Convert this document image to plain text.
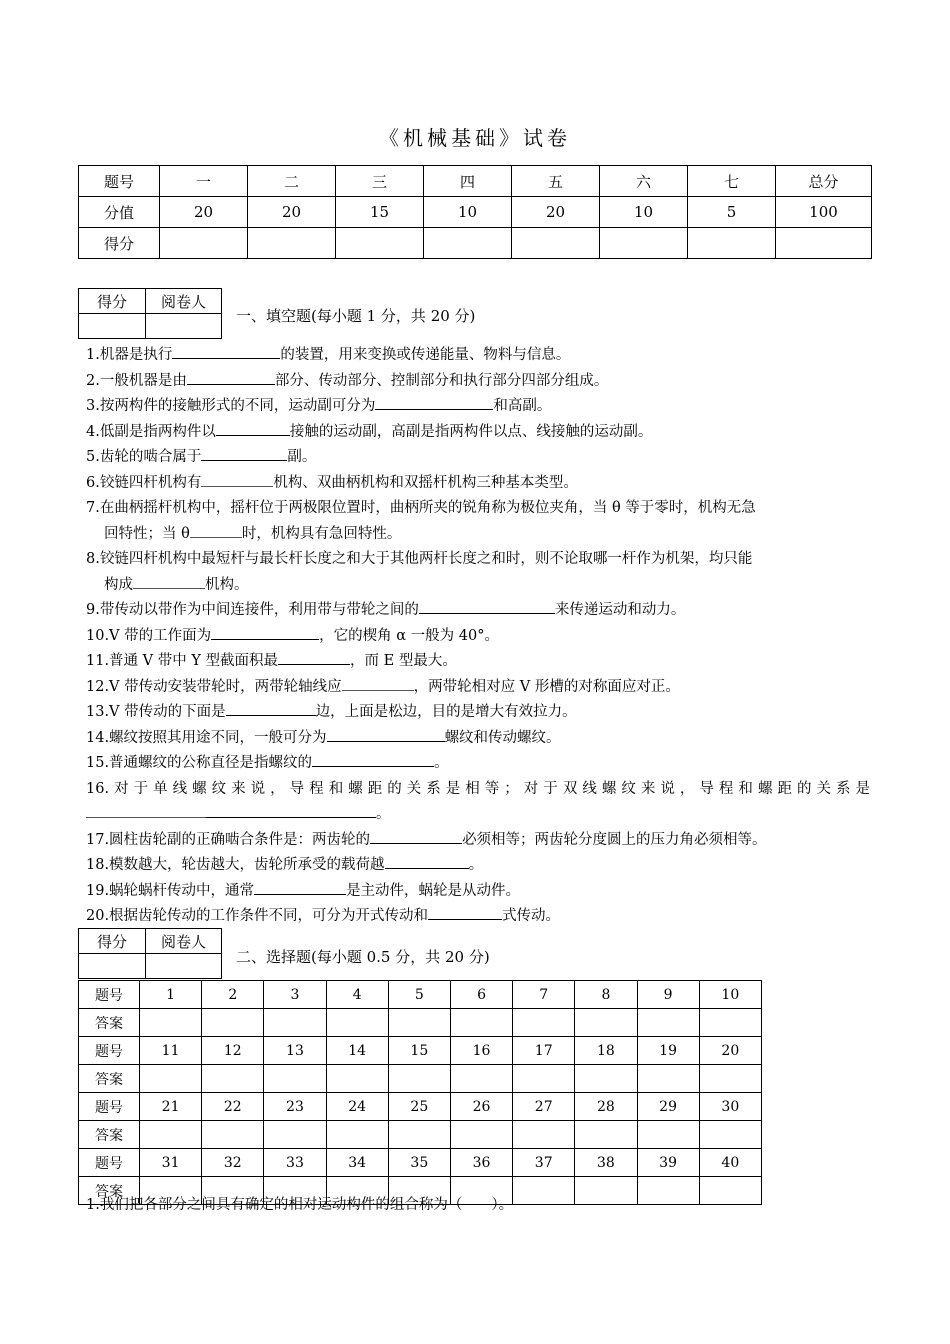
《机械基础》试卷
题号	一	二	三	四	五	六	七	总分
分值	20	20	15	10	20	10	5	100
得分								
得分	阅卷人

一、填空题(每小题 1 分，共 20 分)
1.机器是执行	的装置，用来变换或传递能量、物料与信息。
2.一般机器是由	部分、传动部分、控制部分和执行部分四部分组成。
3.按两构件的接触形式的不同，运动副可分为	和高副。
4.低副是指两构件以	接触的运动副，高副是指两构件以点、线接触的运动副。
5.齿轮的啮合属于	副。
6.铰链四杆机构有	机构、双曲柄机构和双摇杆机构三种基本类型。
7.在曲柄摇杆机构中，摇杆位于两极限位置时，曲柄所夹的锐角称为极位夹角，当 θ 等于零时，机构无急
回特性；当 θ	时，机构具有急回特性。
8.铰链四杆机构中最短杆与最长杆长度之和大于其他两杆长度之和时，则不论取哪一杆作为机架，均只能
构成	机构。
9.带传动以带作为中间连接件，利用带与带轮之间的	来传递运动和动力。
10.V 带的工作面为	，它的楔角 α 一般为 40°。
11.普通 V 带中 Y 型截面积最	，而 E 型最大。
12.V 带传动安装带轮时，两带轮轴线应	，两带轮相对应 V 形槽的对称面应对正。
13.V 带传动的下面是	边，上面是松边，目的是增大有效拉力。
14.螺纹按照其用途不同，一般可分为	螺纹和传动螺纹。
15.普通螺纹的公称直径是指螺纹的	。
16.对于单线螺纹来说，导程和螺距的关系是相等；对于双线螺纹来说，导程和螺距的关系是
。
17.圆柱齿轮副的正确啮合条件是：两齿轮的	必须相等；两齿轮分度圆上的压力角必须相等。
18.模数越大，轮齿越大，齿轮所承受的载荷越	。
19.蜗轮蜗杆传动中，通常	是主动件，蜗轮是从动件。
20.根据齿轮传动的工作条件不同，可分为开式传动和	式传动。
得分	阅卷人

二、选择题(每小题 0.5 分，共 20 分)
题号	1	2	3	4	5	6	7	8	9	10
答案										
题号	11	12	13	14	15	16	17	18	19	20
答案										
题号	21	22	23	24	25	26	27	28	29	30
答案										
题号	31	32	33	34	35	36	37	38	39	40
答案										
1.我们把各部分之间具有确定的相对运动构件的组合称为（　　）。
